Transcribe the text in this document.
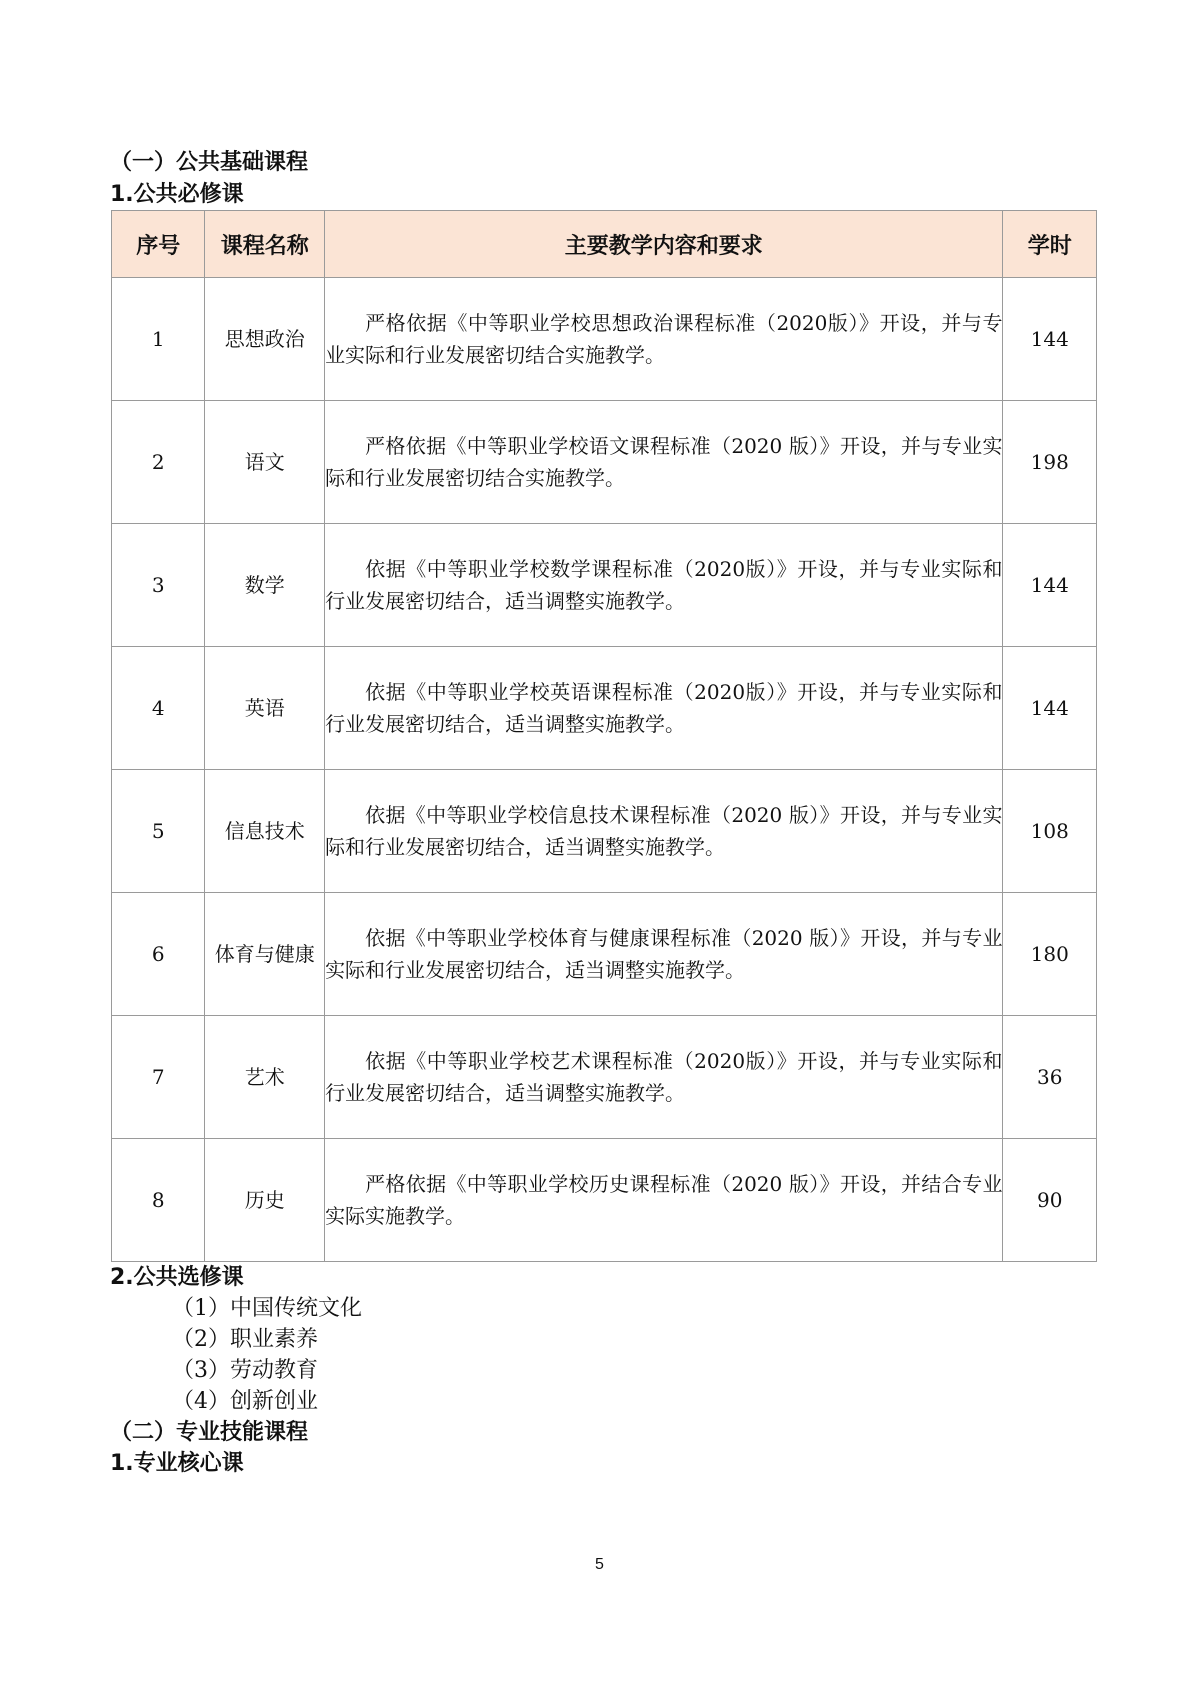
（一）公共基础课程
1.公共必修课
序号	课程名称	主要教学内容和要求	学时
1	思想政治	严格依据《中等职业学校思想政治课程标准（2020版）》开设，并与专业实际和行业发展密切结合实施教学。	144
2	语文	严格依据《中等职业学校语文课程标准（2020 版）》开设，并与专业实际和行业发展密切结合实施教学。	198
3	数学	依据《中等职业学校数学课程标准（2020版）》开设，并与专业实际和行业发展密切结合，适当调整实施教学。	144
4	英语	依据《中等职业学校英语课程标准（2020版）》开设，并与专业实际和行业发展密切结合，适当调整实施教学。	144
5	信息技术	依据《中等职业学校信息技术课程标准（2020 版）》开设，并与专业实际和行业发展密切结合，适当调整实施教学。	108
6	体育与健康	依据《中等职业学校体育与健康课程标准（2020 版）》开设，并与专业实际和行业发展密切结合，适当调整实施教学。	180
7	艺术	依据《中等职业学校艺术课程标准（2020版）》开设，并与专业实际和行业发展密切结合，适当调整实施教学。	36
8	历史	严格依据《中等职业学校历史课程标准（2020 版）》开设，并结合专业实际实施教学。	90
2.公共选修课
（1）中国传统文化
（2）职业素养
（3）劳动教育
（4）创新创业
（二）专业技能课程
1.专业核心课
5
